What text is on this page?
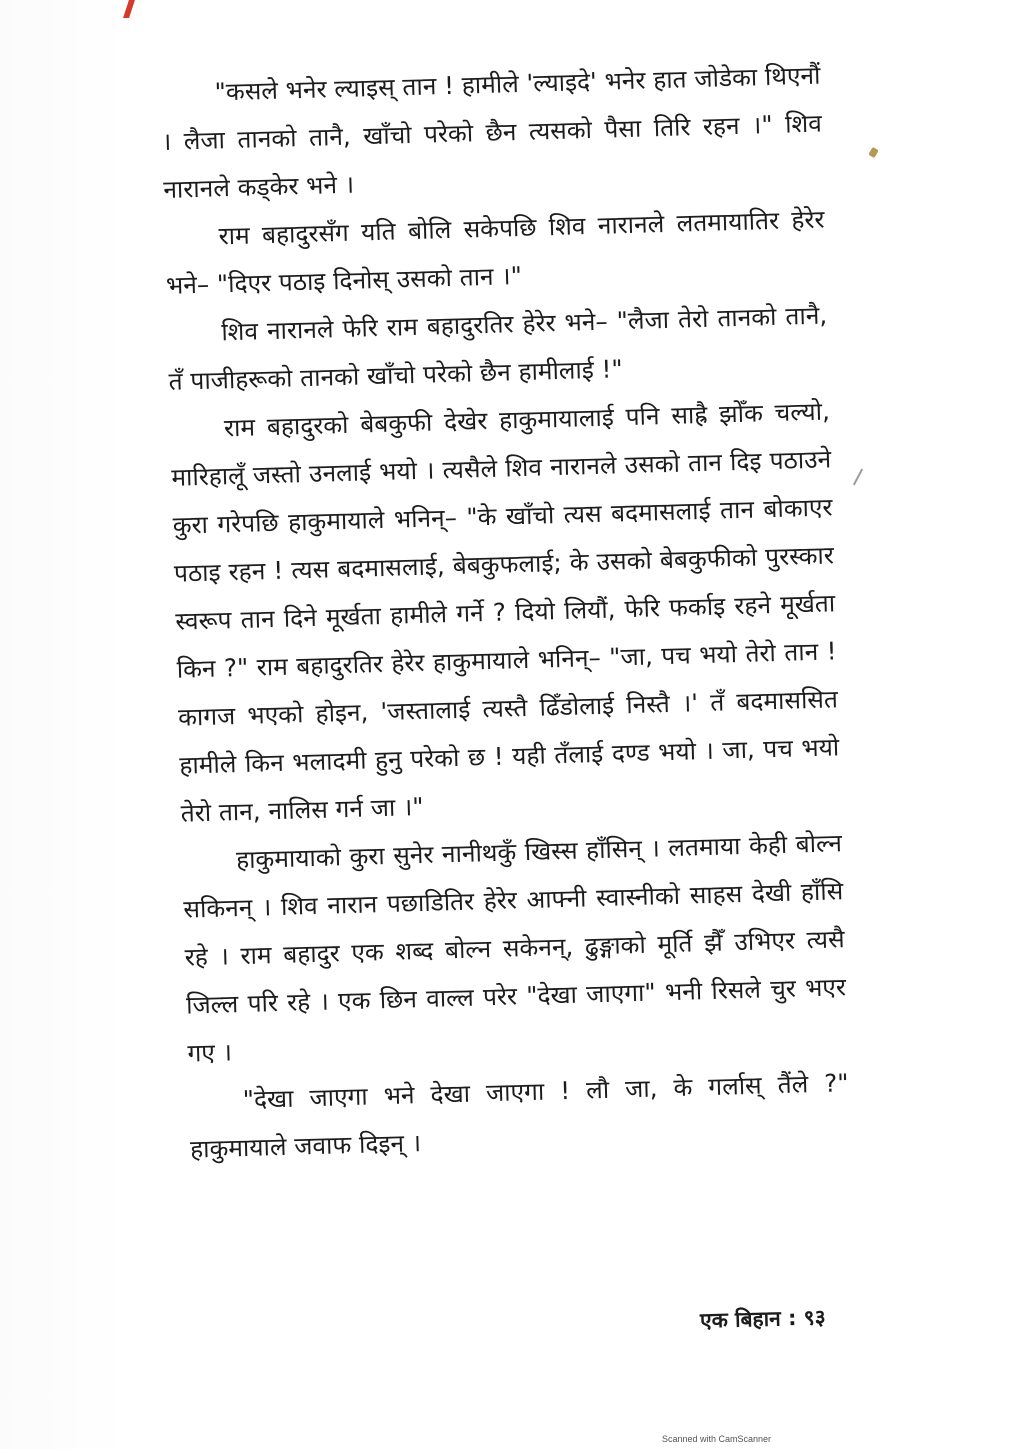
"कसले भनेर ल्याइस् तान ! हामीले 'ल्याइदे' भनेर हात जोडेका थिएनौं । लैजा तानको तानै, खाँचो परेको छैन त्यसको पैसा तिरि रहन ।" शिव नारानले कड्केर भने ।

राम बहादुरसँग यति बोलि सकेपछि शिव नारानले लतमायातिर हेरेर भने– "दिएर पठाइ दिनोस् उसको तान ।"

शिव नारानले फेरि राम बहादुरतिर हेरेर भने– "लैजा तेरो तानको तानै, तँ पाजीहरूको तानको खाँचो परेको छैन हामीलाई !"

राम बहादुरको बेबकुफी देखेर हाकुमायालाई पनि साह्रै झोँक चल्यो, मारिहालूँ जस्तो उनलाई भयो । त्यसैले शिव नारानले उसको तान दिइ पठाउने कुरा गरेपछि हाकुमायाले भनिन्– "के खाँचो त्यस बदमासलाई तान बोकाएर पठाइ रहन ! त्यस बदमासलाई, बेबकुफलाई; के उसको बेबकुफीको पुरस्कार स्वरूप तान दिने मूर्खता हामीले गर्ने ? दियो लियौं, फेरि फर्काइ रहने मूर्खता किन ?" राम बहादुरतिर हेरेर हाकुमायाले भनिन्– "जा, पच भयो तेरो तान ! कागज भएको होइन, 'जस्तालाई त्यस्तै ढिँडोलाई निस्तै ।' तँ बदमाससित हामीले किन भलादमी हुनु परेको छ ! यही तँलाई दण्ड भयो । जा, पच भयो तेरो तान, नालिस गर्न जा ।"

हाकुमायाको कुरा सुनेर नानीथकुँ खिस्स हाँसिन् । लतमाया केही बोल्न सकिनन् । शिव नारान पछाडितिर हेरेर आफ्नी स्वास्नीको साहस देखी हाँसि रहे । राम बहादुर एक शब्द बोल्न सकेनन्, ढुङ्गाको मूर्ति झैँ उभिएर त्यसै जिल्ल परि रहे । एक छिन वाल्ल परेर "देखा जाएगा" भनी रिसले चुर भएर गए ।

"देखा जाएगा भने देखा जाएगा ! लौ जा, के गर्लास् तैंले ?" हाकुमायाले जवाफ दिइन् ।

एक बिहान : ९३
Scanned with CamScanner
